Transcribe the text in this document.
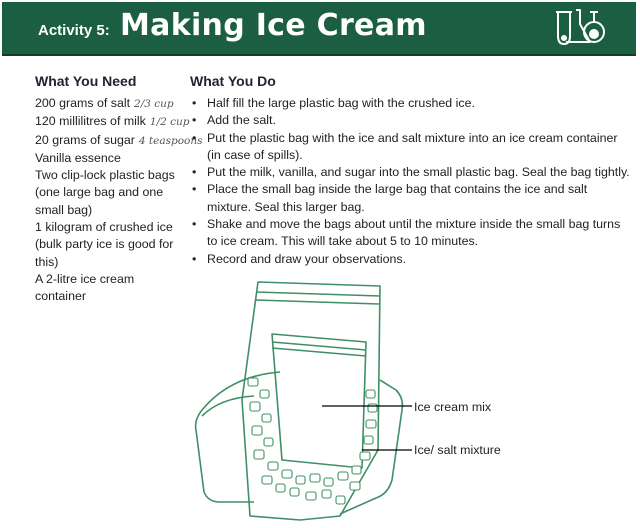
Activity 5: Making Ice Cream
What You Need	What You Do
200 grams of salt 2/3 cup
120 millilitres of milk 1/2 cup
20 grams of sugar 4 teaspoons
Vanilla essence
Two clip-lock plastic bags (one large bag and one small bag)
1 kilogram of crushed ice (bulk party ice is good for this)
A 2-litre ice cream container
• Half fill the large plastic bag with the crushed ice.
• Add the salt.
• Put the plastic bag with the ice and salt mixture into an ice cream container (in case of spills).
• Put the milk, vanilla, and sugar into the small plastic bag. Seal the bag tightly.
• Place the small bag inside the large bag that contains the ice and salt mixture. Seal this larger bag.
• Shake and move the bags about until the mixture inside the small bag turns to ice cream. This will take about 5 to 10 minutes.
• Record and draw your observations.
Ice cream mix
Ice/ salt mixture
